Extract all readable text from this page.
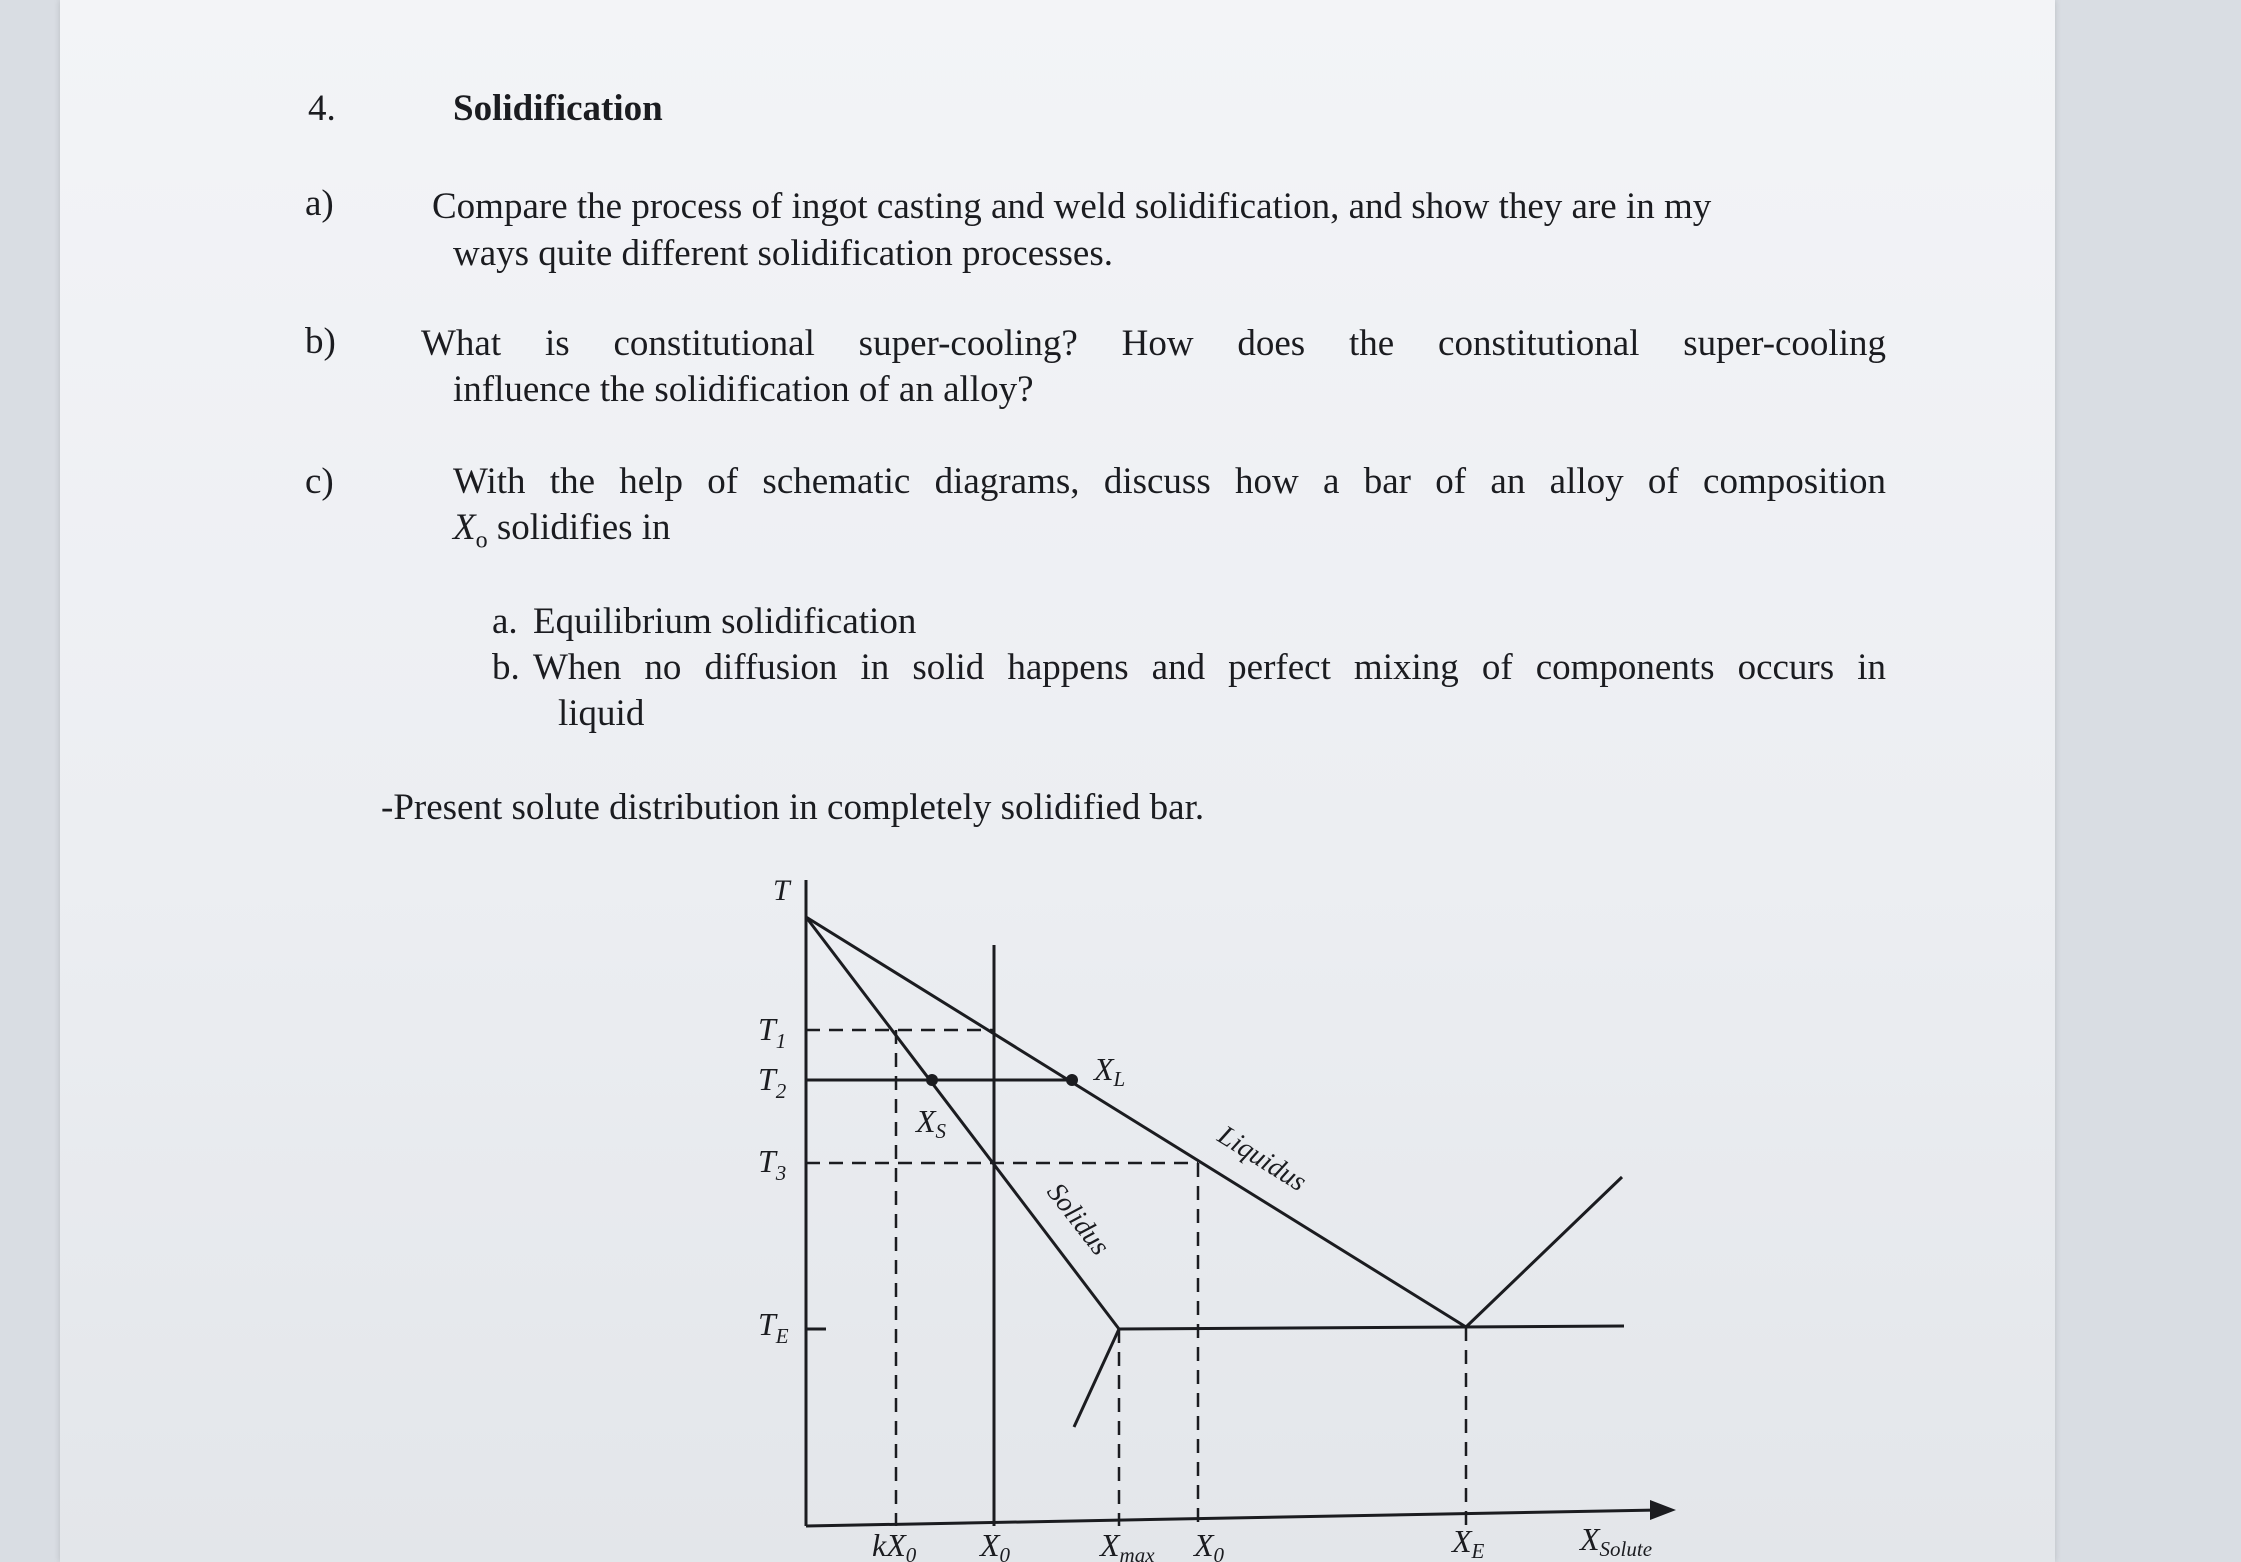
4.	Solidification
a)	Compare the process of ingot casting and weld solidification, and show they are in my
ways quite different solidification processes.
b) What is constitutional super-cooling? How does the constitutional super-cooling
influence the solidification of an alloy?
c)	With the help of schematic diagrams, discuss how a bar of an alloy of composition
$X_o$ solidifies in
a. Equilibrium solidification
b. When no diffusion in solid happens and perfect mixing of components occurs in
liquid
-Present solute distribution in completely solidified bar.
T
$T_1$
$T_2$
$T_3$
$T_E$
kX0 X0	Xmax X0	XE	XSolute
XL
XS	Liquidus
Solidus
